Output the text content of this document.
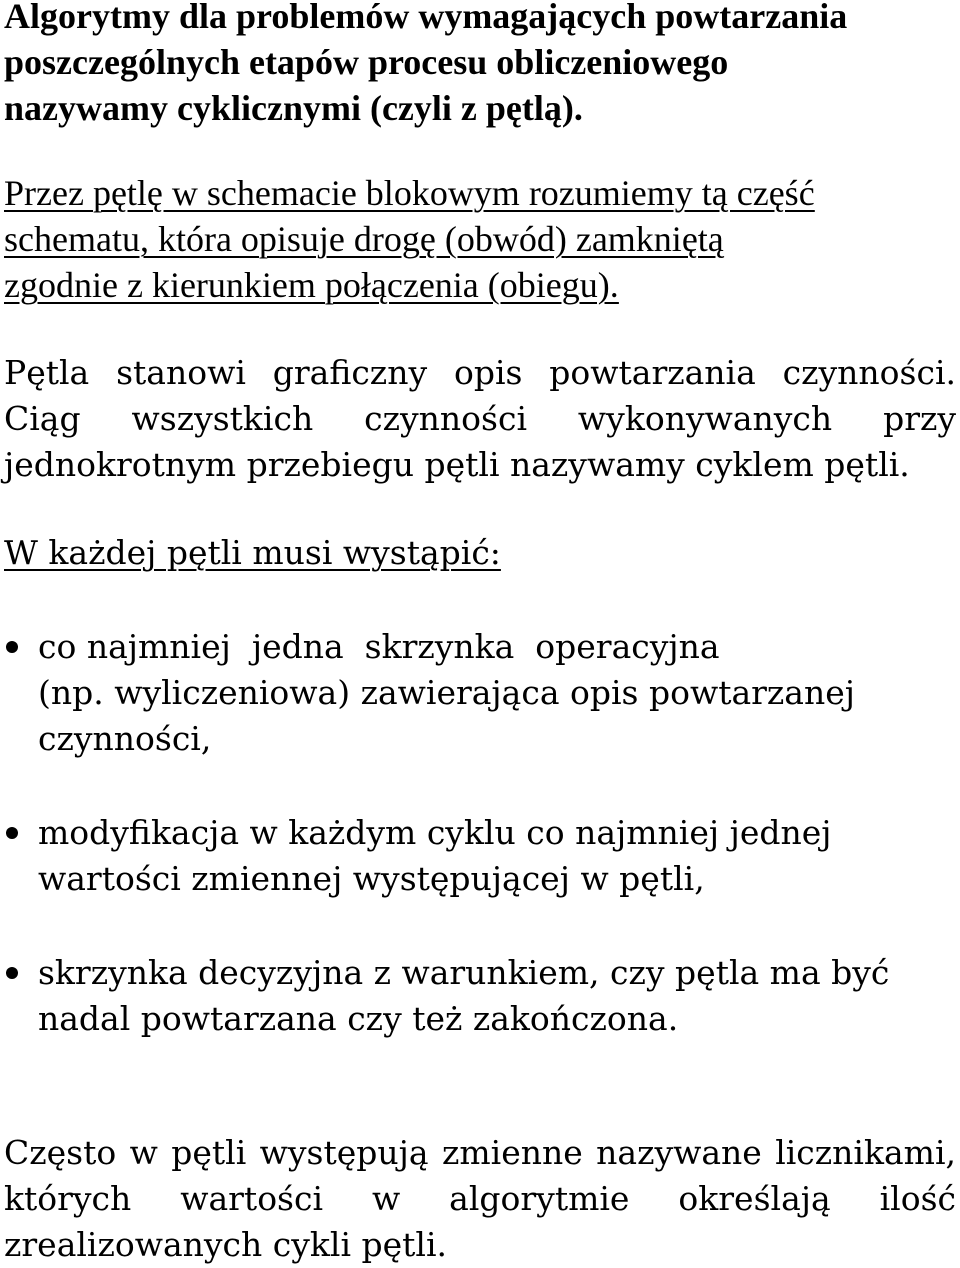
Algorytmy dla problemów wymagających powtarzania
poszczególnych etapów procesu obliczeniowego
nazywamy cyklicznymi (czyli z pętlą).
Przez pętlę w schemacie blokowym rozumiemy tą część
schematu, która opisuje drogę (obwód) zamkniętą
zgodnie z kierunkiem połączenia (obiegu).
Pętla stanowi graficzny opis powtarzania czynności.
Ciąg wszystkich czynności wykonywanych przy
jednokrotnym przebiegu pętli nazywamy cyklem pętli.
W każdej pętli musi wystąpić:
co najmniej  jedna  skrzynka  operacyjna
(np. wyliczeniowa) zawierająca opis powtarzanej
czynności,
modyfikacja w każdym cyklu co najmniej jednej
wartości zmiennej występującej w pętli,
skrzynka decyzyjna z warunkiem, czy pętla ma być
nadal powtarzana czy też zakończona.
Często w pętli występują zmienne nazywane licznikami,
których wartości w algorytmie określają ilość
zrealizowanych cykli pętli.
